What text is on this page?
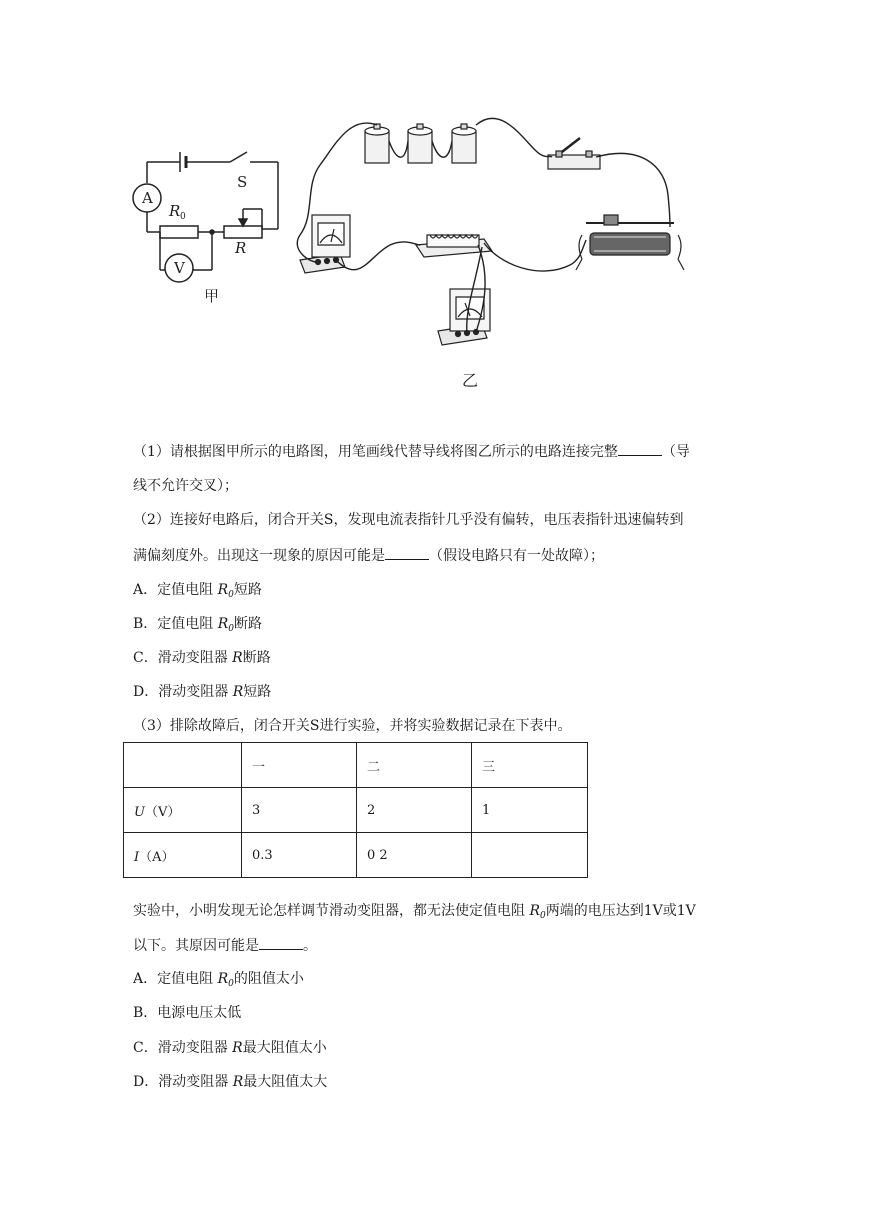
A
V
S
R 0
R
甲
乙
（1）请根据图甲所示的电路图，用笔画线代替导线将图乙所示的电路连接完整	（导
线不允许交叉）；
（2）连接好电路后，闭合开关S，发现电流表指针几乎没有偏转，电压表指针迅速偏转到
满偏刻度外。出现这一现象的原因可能是	（假设电路只有一处故障）；
A．定值电阻 $R_0$短路
B．定值电阻 $R_0$断路
C．滑动变阻器 R断路
D．滑动变阻器 R短路
（3）排除故障后，闭合开关S进行实验，并将实验数据记录在下表中。
	一	二	三
U（V）	3	2	1
I（A）	0.3	0 2	
实验中，小明发现无论怎样调节滑动变阻器，都无法使定值电阻 $R_0$两端的电压达到1V或1V
以下。其原因可能是	。
A．定值电阻 $R_0$的阻值太小
B．电源电压太低
C．滑动变阻器 R最大阻值太小
D．滑动变阻器 R最大阻值太大
